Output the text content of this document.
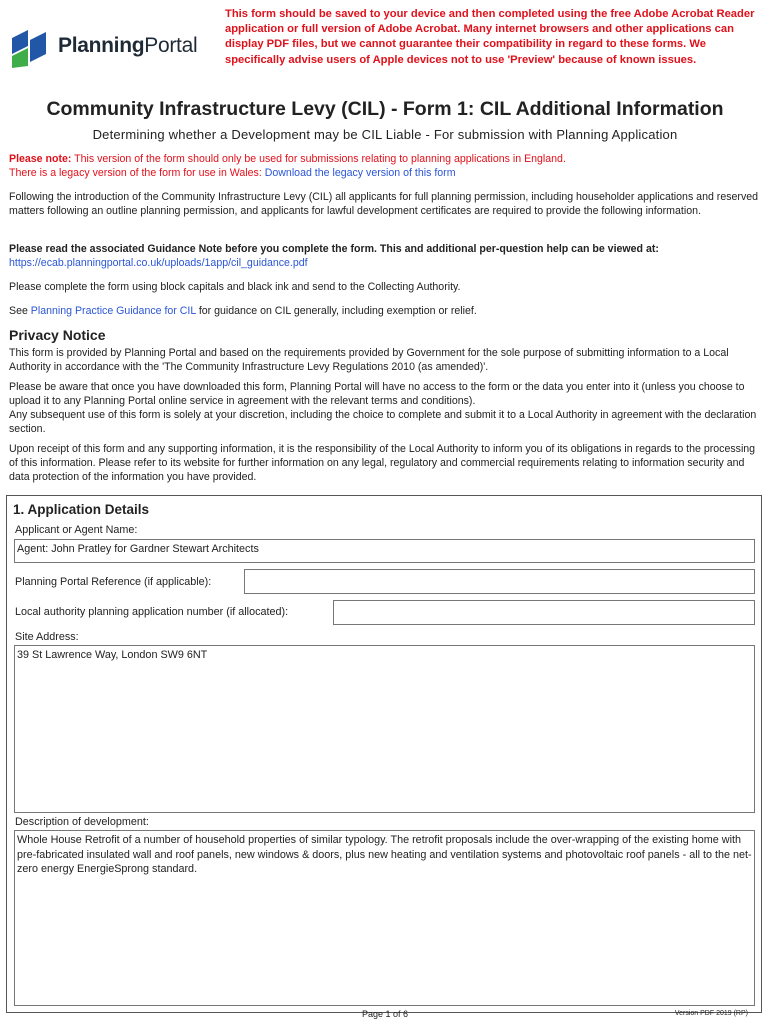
PlanningPortal
This form should be saved to your device and then completed using the free Adobe Acrobat Reader application or full version of Adobe Acrobat. Many internet browsers and other applications can display PDF files, but we cannot guarantee their compatibility in regard to these forms. We specifically advise users of Apple devices not to use 'Preview' because of known issues.
Community Infrastructure Levy (CIL) - Form 1: CIL Additional Information
Determining whether a Development may be CIL Liable - For submission with Planning Application
Please note: This version of the form should only be used for submissions relating to planning applications in England.
There is a legacy version of the form for use in Wales: Download the legacy version of this form
Following the introduction of the Community Infrastructure Levy (CIL) all applicants for full planning permission, including householder applications and reserved matters following an outline planning permission, and applicants for lawful development certificates are required to provide the following information.
Please read the associated Guidance Note before you complete the form. This and additional per-question help can be viewed at:
https://ecab.planningportal.co.uk/uploads/1app/cil_guidance.pdf
Please complete the form using block capitals and black ink and send to the Collecting Authority.
See Planning Practice Guidance for CIL for guidance on CIL generally, including exemption or relief.
Privacy Notice
This form is provided by Planning Portal and based on the requirements provided by Government for the sole purpose of submitting information to a Local Authority in accordance with the 'The Community Infrastructure Levy Regulations 2010 (as amended)'.
Please be aware that once you have downloaded this form, Planning Portal will have no access to the form or the data you enter into it (unless you choose to upload it to any Planning Portal online service in agreement with the relevant terms and conditions).
Any subsequent use of this form is solely at your discretion, including the choice to complete and submit it to a Local Authority in agreement with the declaration section.
Upon receipt of this form and any supporting information, it is the responsibility of the Local Authority to inform you of its obligations in regards to the processing of this information. Please refer to its website for further information on any legal, regulatory and commercial requirements relating to information security and data protection of the information you have provided.
1. Application Details
Applicant or Agent Name:
Agent: John Pratley for Gardner Stewart Architects
Planning Portal Reference (if applicable):
Local authority planning application number (if allocated):
Site Address:
39 St Lawrence Way, London SW9 6NT
Description of development:
Whole House Retrofit of a number of household properties of similar typology. The retrofit proposals include the over-wrapping of the existing home with pre-fabricated insulated wall and roof panels, new windows & doors, plus new heating and ventilation systems and photovoltaic roof panels - all to the net-zero energy EnergieSprong standard.
Page 1 of 6	Version PDF 2019 (RP)
